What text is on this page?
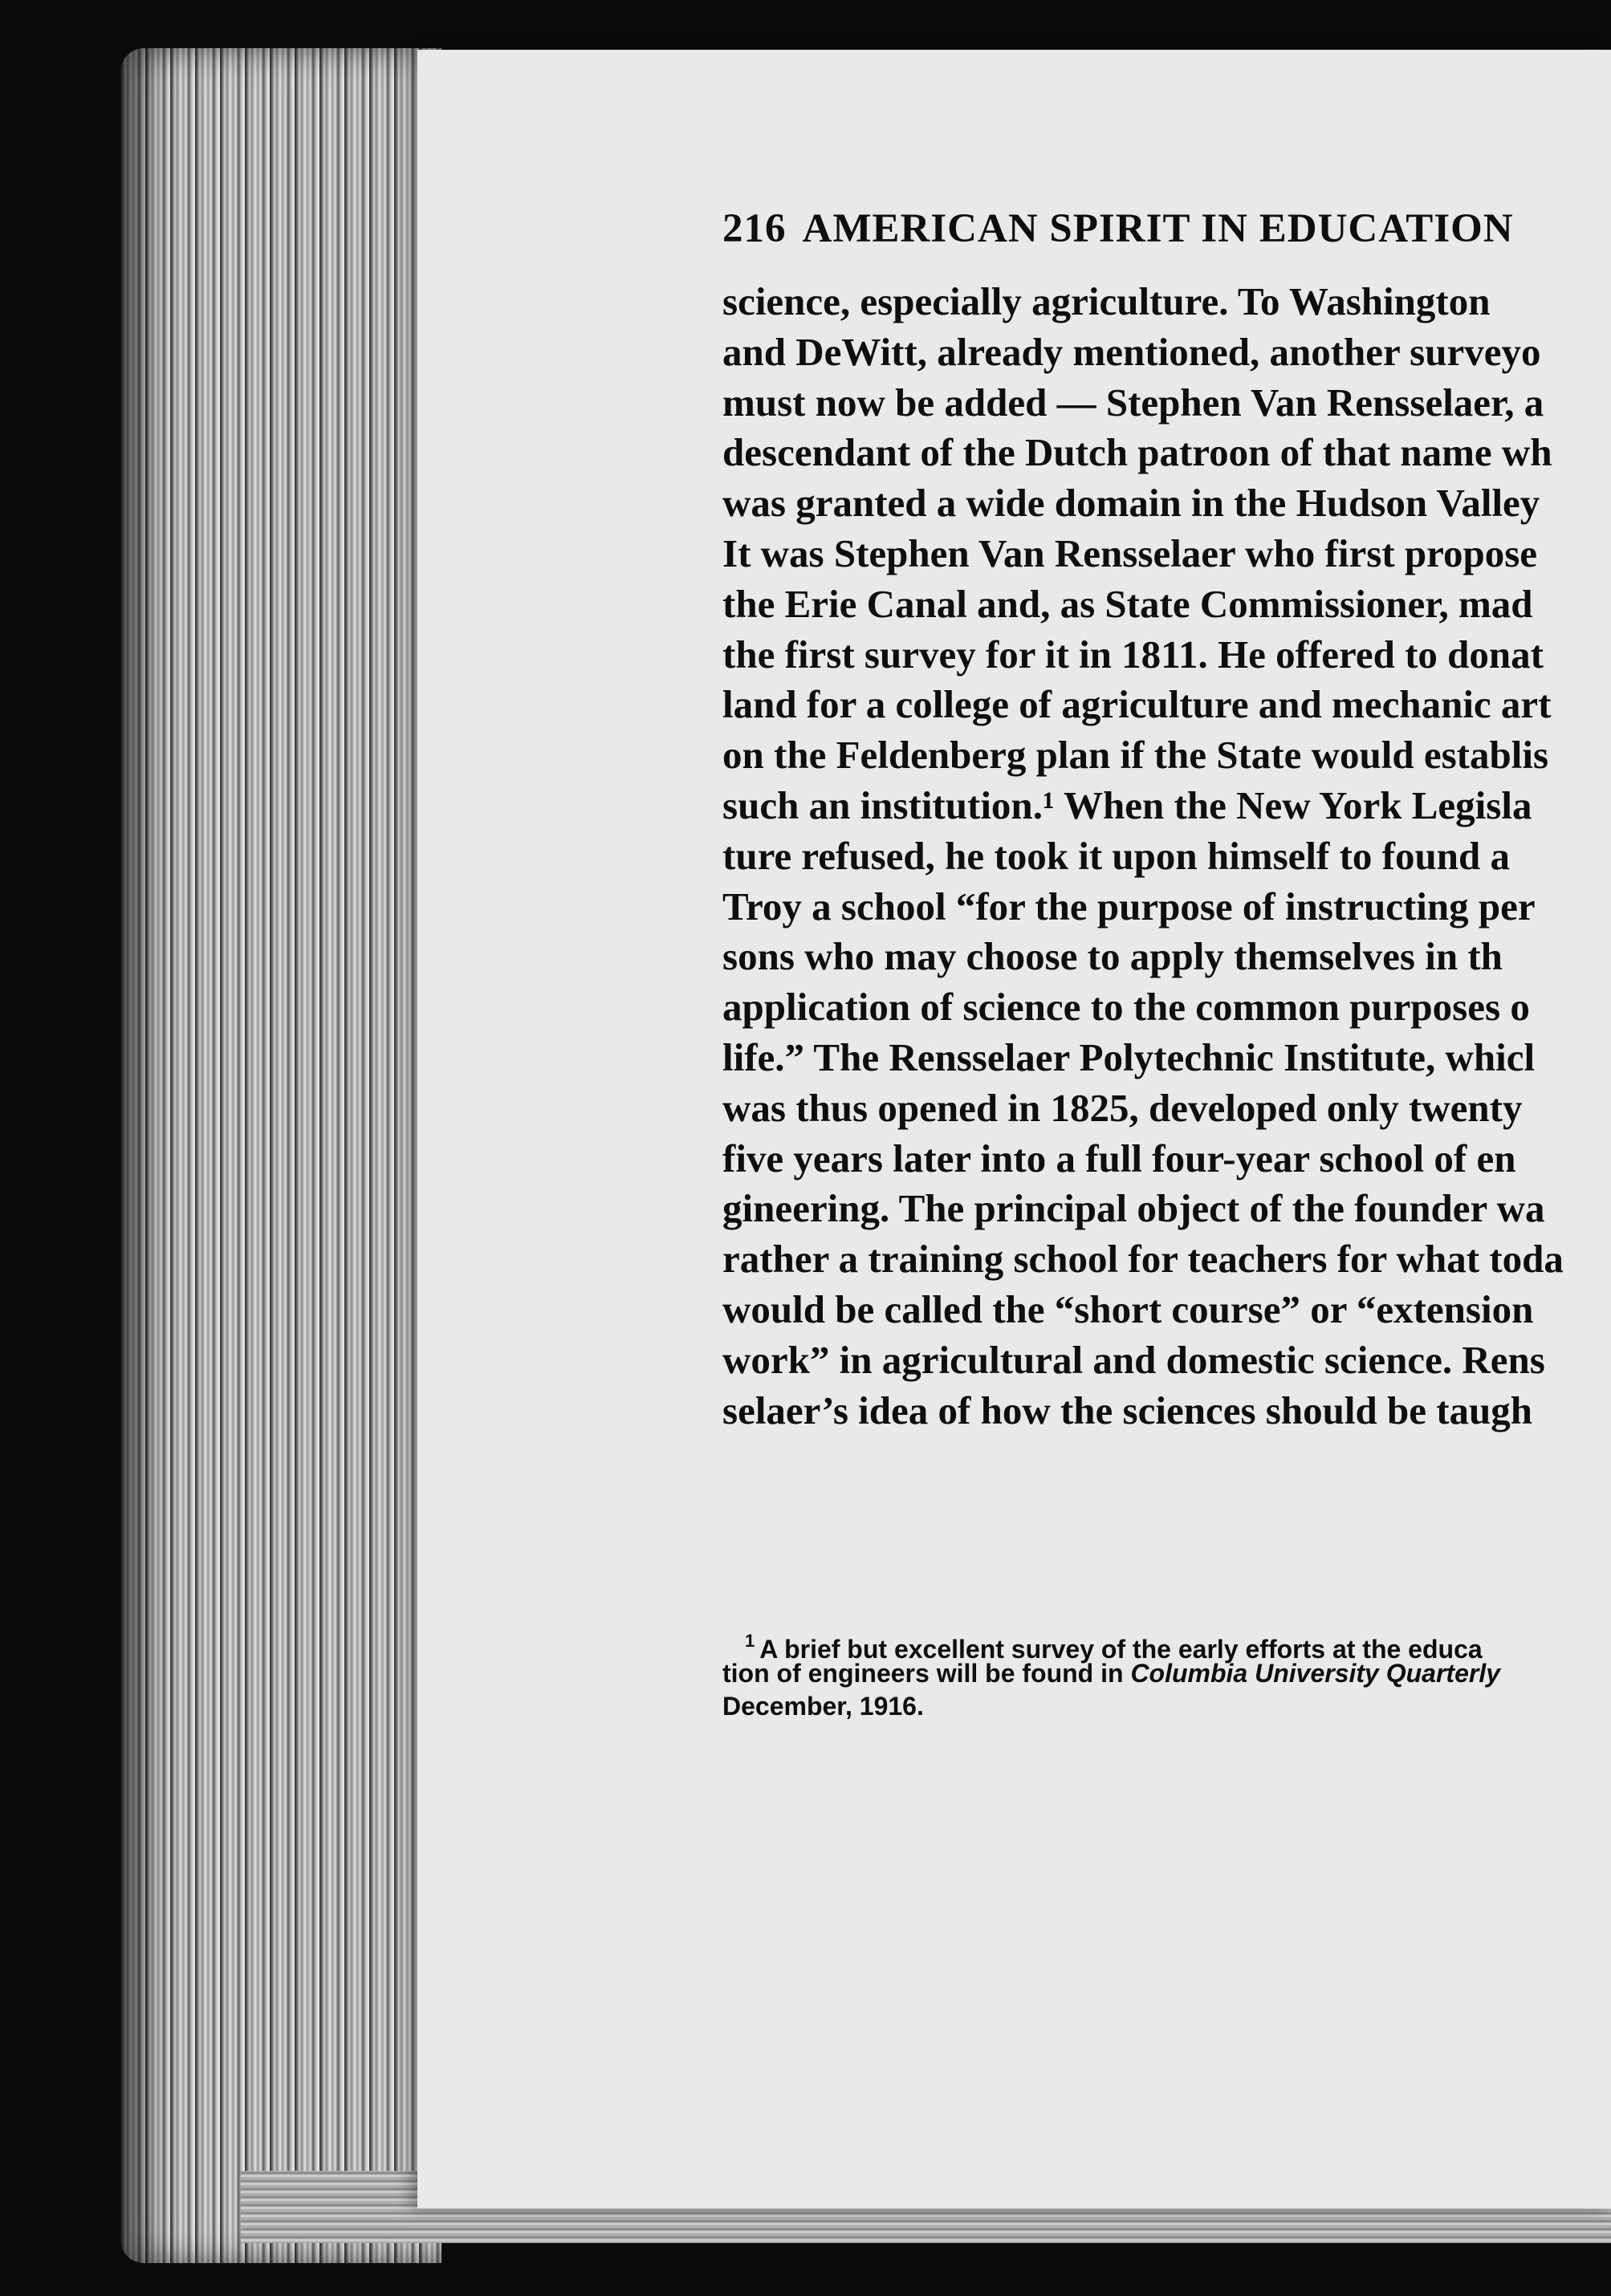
216 AMERICAN SPIRIT IN EDUCATION
science, especially agriculture. To Washington
and DeWitt, already mentioned, another surveyo
must now be added — Stephen Van Rensselaer, a
descendant of the Dutch patroon of that name wh
was granted a wide domain in the Hudson Valley
It was Stephen Van Rensselaer who first propose
the Erie Canal and, as State Commissioner, mad
the first survey for it in 1811. He offered to donat
land for a college of agriculture and mechanic art
on the Feldenberg plan if the State would establis
such an institution.¹ When the New York Legisla
ture refused, he took it upon himself to found a
Troy a school “for the purpose of instructing per
sons who may choose to apply themselves in th
application of science to the common purposes o
life.” The Rensselaer Polytechnic Institute, whicl
was thus opened in 1825, developed only twenty
five years later into a full four-year school of en
gineering. The principal object of the founder wa
rather a training school for teachers for what toda
would be called the “short course” or “extension
work” in agricultural and domestic science. Rens
selaer’s idea of how the sciences should be taugh
$^1$ A brief but excellent survey of the early efforts at the educa
tion of engineers will be found in Columbia University Quarterly
December, 1916.
